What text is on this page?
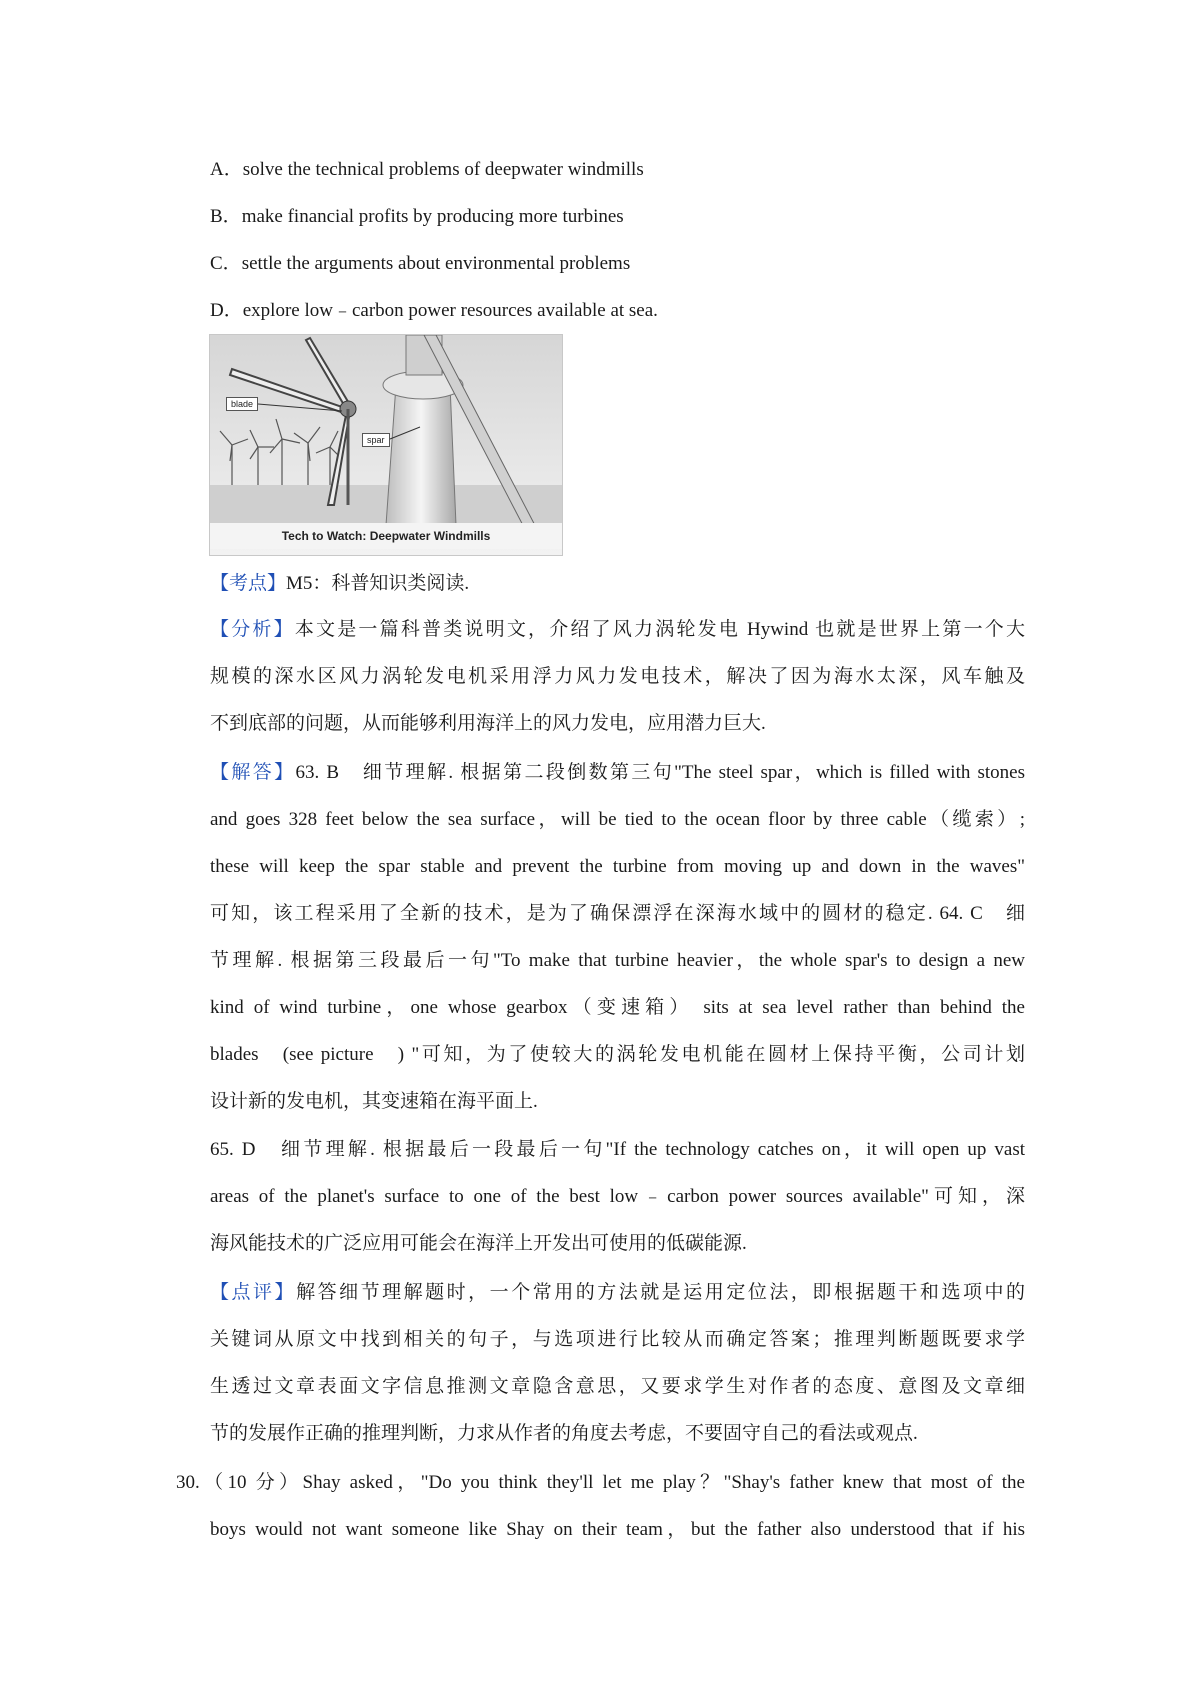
A．solve the technical problems of deepwater windmills
B．make financial profits by producing more turbines
C．settle the arguments about environmental problems
D．explore low﹣carbon power resources available at sea.
blade
spar
Tech to Watch: Deepwater Windmills
【考点】M5：科普知识类阅读.
【分析】本文是一篇科普类说明文，介绍了风力涡轮发电 Hywind 也就是世界上第一个大
规模的深水区风力涡轮发电机采用浮力风力发电技术，解决了因为海水太深，风车触及
不到底部的问题，从而能够利用海洋上的风力发电，应用潜力巨大.
【解答】63. B　细节理解. 根据第二段倒数第三句"The steel spar，which is filled with stones
and goes 328 feet below the sea surface，will be tied to the ocean floor by three cable（缆索）;
these will keep the spar stable and prevent the turbine from moving up and down in the waves"
可知，该工程采用了全新的技术，是为了确保漂浮在深海水域中的圆材的稳定. 64. C　细
节理解. 根据第三段最后一句"To make that turbine heavier，the whole spar's to design a new
kind of wind turbine，one whose gearbox（变速箱） sits at sea level rather than behind the
blades　(see picture　) "可知，为了使较大的涡轮发电机能在圆材上保持平衡，公司计划
设计新的发电机，其变速箱在海平面上.
65. D　细节理解. 根据最后一段最后一句"If the technology catches on，it will open up vast
areas of the planet's surface to one of the best low﹣carbon power sources available"可知，深
海风能技术的广泛应用可能会在海洋上开发出可使用的低碳能源.
【点评】解答细节理解题时，一个常用的方法就是运用定位法，即根据题干和选项中的
关键词从原文中找到相关的句子，与选项进行比较从而确定答案；推理判断题既要求学
生透过文章表面文字信息推测文章隐含意思，又要求学生对作者的态度、意图及文章细
节的发展作正确的推理判断，力求从作者的角度去考虑，不要固守自己的看法或观点.
30.（10 分）Shay asked，"Do you think they'll let me play？"Shay's father knew that most of the
boys would not want someone like Shay on their team，but the father also understood that if his
